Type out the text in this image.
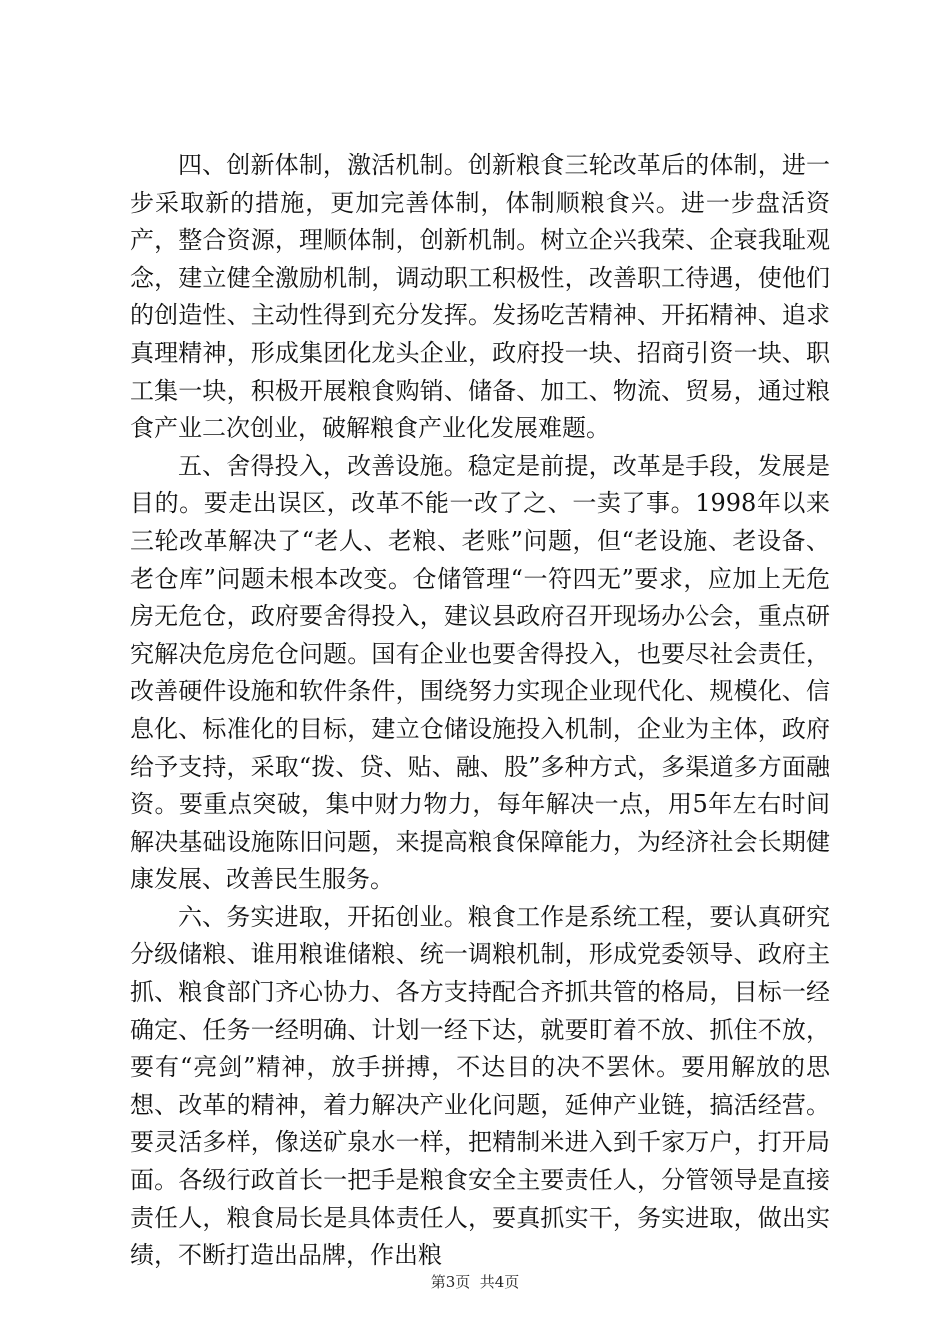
四、创新体制，激活机制。创新粮食三轮改革后的体制，进一步采取新的措施，更加完善体制，体制顺粮食兴。进一步盘活资产，整合资源，理顺体制，创新机制。树立企兴我荣、企衰我耻观念，建立健全激励机制，调动职工积极性，改善职工待遇，使他们的创造性、主动性得到充分发挥。发扬吃苦精神、开拓精神、追求真理精神，形成集团化龙头企业，政府投一块、招商引资一块、职工集一块，积极开展粮食购销、储备、加工、物流、贸易，通过粮食产业二次创业，破解粮食产业化发展难题。

五、舍得投入，改善设施。稳定是前提，改革是手段，发展是目的。要走出误区，改革不能一改了之、一卖了事。1998年以来三轮改革解决了“老人、老粮、老账”问题，但“老设施、老设备、老仓库”问题未根本改变。仓储管理“一符四无”要求，应加上无危房无危仓，政府要舍得投入，建议县政府召开现场办公会，重点研究解决危房危仓问题。国有企业也要舍得投入，也要尽社会责任，改善硬件设施和软件条件，围绕努力实现企业现代化、规模化、信息化、标准化的目标，建立仓储设施投入机制，企业为主体，政府给予支持，采取“拨、贷、贴、融、股”多种方式，多渠道多方面融资。要重点突破，集中财力物力，每年解决一点，用5年左右时间解决基础设施陈旧问题，来提高粮食保障能力，为经济社会长期健康发展、改善民生服务。

六、务实进取，开拓创业。粮食工作是系统工程，要认真研究分级储粮、谁用粮谁储粮、统一调粮机制，形成党委领导、政府主抓、粮食部门齐心协力、各方支持配合齐抓共管的格局，目标一经确定、任务一经明确、计划一经下达，就要盯着不放、抓住不放，要有“亮剑”精神，放手拼搏，不达目的决不罢休。要用解放的思想、改革的精神，着力解决产业化问题，延伸产业链，搞活经营。要灵活多样，像送矿泉水一样，把精制米进入到千家万户，打开局面。各级行政首长一把手是粮食安全主要责任人，分管领导是直接责任人，粮食局长是具体责任人，要真抓实干，务实进取，做出实绩，不断打造出品牌，作出粮

第3页  共4页
